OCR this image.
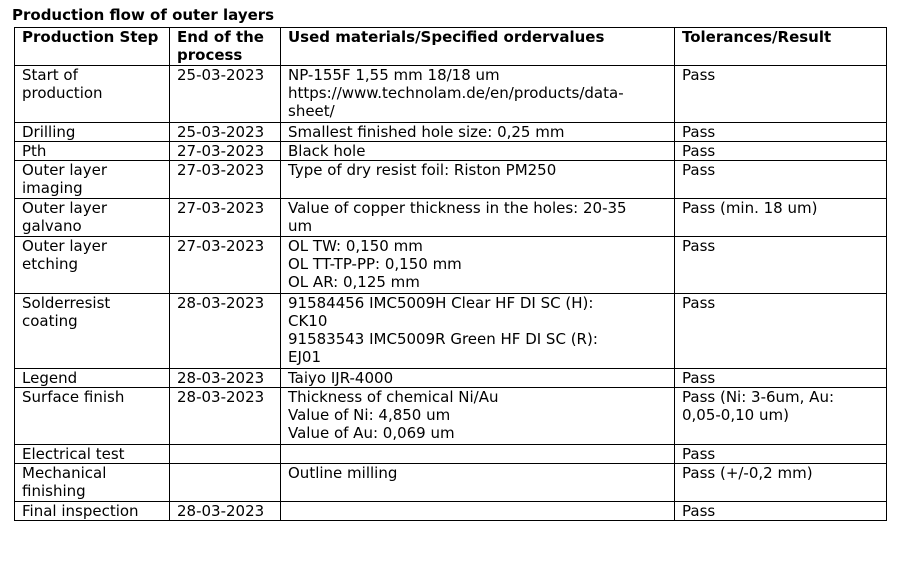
Production flow of outer layers
Production Step	End of the process	Used materials/Specified ordervalues	Tolerances/Result

Start of
production	25-03-2023	NP-155F 1,55 mm 18/18 um
https://www.technolam.de/en/products/data-
sheet/	Pass

Drilling	25-03-2023	Smallest finished hole size: 0,25 mm	Pass

Pth	27-03-2023	Black hole	Pass

Outer layer
imaging	27-03-2023	Type of dry resist foil: Riston PM250	Pass

Outer layer
galvano	27-03-2023	Value of copper thickness in the holes: 20-35
um	Pass (min. 18 um)

Outer layer
etching	27-03-2023	OL TW: 0,150 mm
OL TT-TP-PP: 0,150 mm
OL AR: 0,125 mm	Pass

Solderresist
coating	28-03-2023	91584456 IMC5009H Clear HF DI SC (H):
CK10
91583543 IMC5009R Green HF DI SC (R):
EJ01	Pass

Legend	28-03-2023	Taiyo IJR-4000	Pass

Surface finish	28-03-2023	Thickness of chemical Ni/Au
Value of Ni: 4,850 um
Value of Au: 0,069 um	Pass (Ni: 3-6um, Au:
0,05-0,10 um)

Electrical test			Pass

Mechanical
finishing		Outline milling	Pass (+/-0,2 mm)

Final inspection	28-03-2023		Pass
